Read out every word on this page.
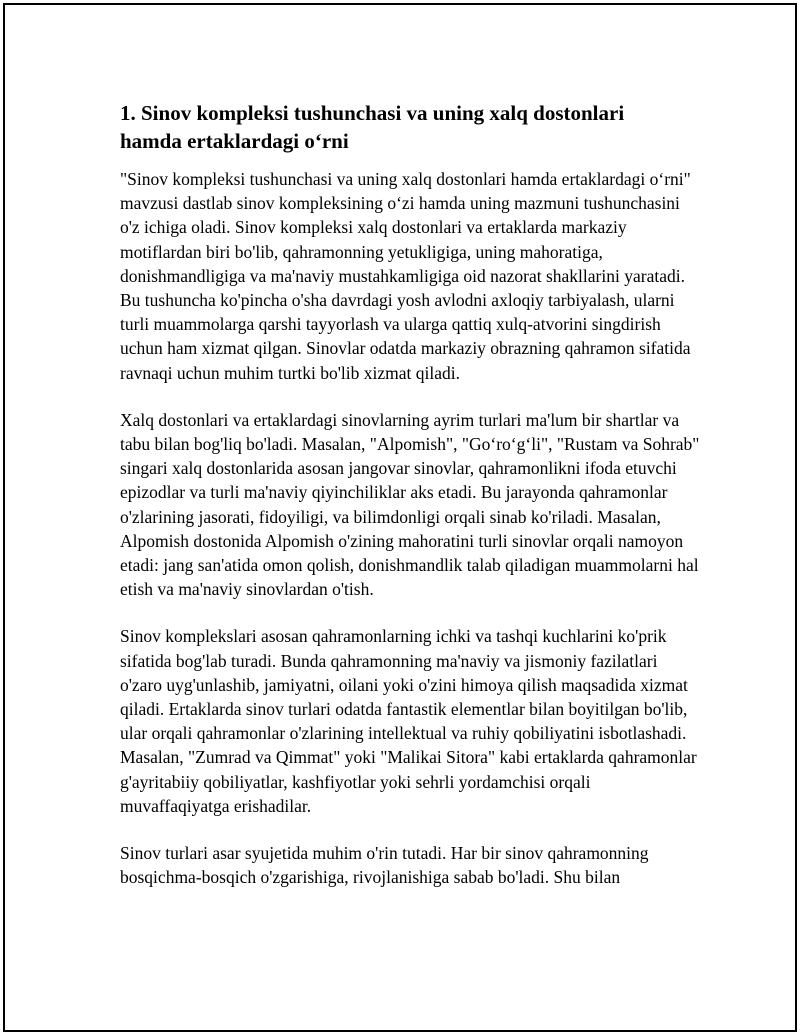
1. Sinov kompleksi tushunchasi va uning xalq dostonlari
hamda ertaklardagi o‘rni

"Sinov kompleksi tushunchasi va uning xalq dostonlari hamda ertaklardagi o‘rni" mavzusi dastlab sinov kompleksining o‘zi hamda uning mazmuni tushunchasini o'z ichiga oladi. Sinov kompleksi xalq dostonlari va ertaklarda markaziy motiflardan biri bo'lib, qahramonning yetukligiga, uning mahoratiga, donishmandligiga va ma'naviy mustahkamligiga oid nazorat shakllarini yaratadi. Bu tushuncha ko'pincha o'sha davrdagi yosh avlodni axloqiy tarbiyalash, ularni turli muammolarga qarshi tayyorlash va ularga qattiq xulq-atvorini singdirish uchun ham xizmat qilgan. Sinovlar odatda markaziy obrazning qahramon sifatida ravnaqi uchun muhim turtki bo'lib xizmat qiladi.

Xalq dostonlari va ertaklardagi sinovlarning ayrim turlari ma'lum bir shartlar va tabu bilan bog'liq bo'ladi. Masalan, "Alpomish", "Go‘ro‘g‘li", "Rustam va Sohrab" singari xalq dostonlarida asosan jangovar sinovlar, qahramonlikni ifoda etuvchi epizodlar va turli ma'naviy qiyinchiliklar aks etadi. Bu jarayonda qahramonlar o'zlarining jasorati, fidoyiligi, va bilimdonligi orqali sinab ko'riladi. Masalan, Alpomish dostonida Alpomish o'zining mahoratini turli sinovlar orqali namoyon etadi: jang san'atida omon qolish, donishmandlik talab qiladigan muammolarni hal etish va ma'naviy sinovlardan o'tish.

Sinov komplekslari asosan qahramonlarning ichki va tashqi kuchlarini ko'prik sifatida bog'lab turadi. Bunda qahramonning ma'naviy va jismoniy fazilatlari o'zaro uyg'unlashib, jamiyatni, oilani yoki o'zini himoya qilish maqsadida xizmat qiladi. Ertaklarda sinov turlari odatda fantastik elementlar bilan boyitilgan bo'lib, ular orqali qahramonlar o'zlarining intellektual va ruhiy qobiliyatini isbotlashadi. Masalan, "Zumrad va Qimmat" yoki "Malikai Sitora" kabi ertaklarda qahramonlar g'ayritabiiy qobiliyatlar, kashfiyotlar yoki sehrli yordamchisi orqali muvaffaqiyatga erishadilar.

Sinov turlari asar syujetida muhim o'rin tutadi. Har bir sinov qahramonning bosqichma-bosqich o'zgarishiga, rivojlanishiga sabab bo'ladi. Shu bilan
